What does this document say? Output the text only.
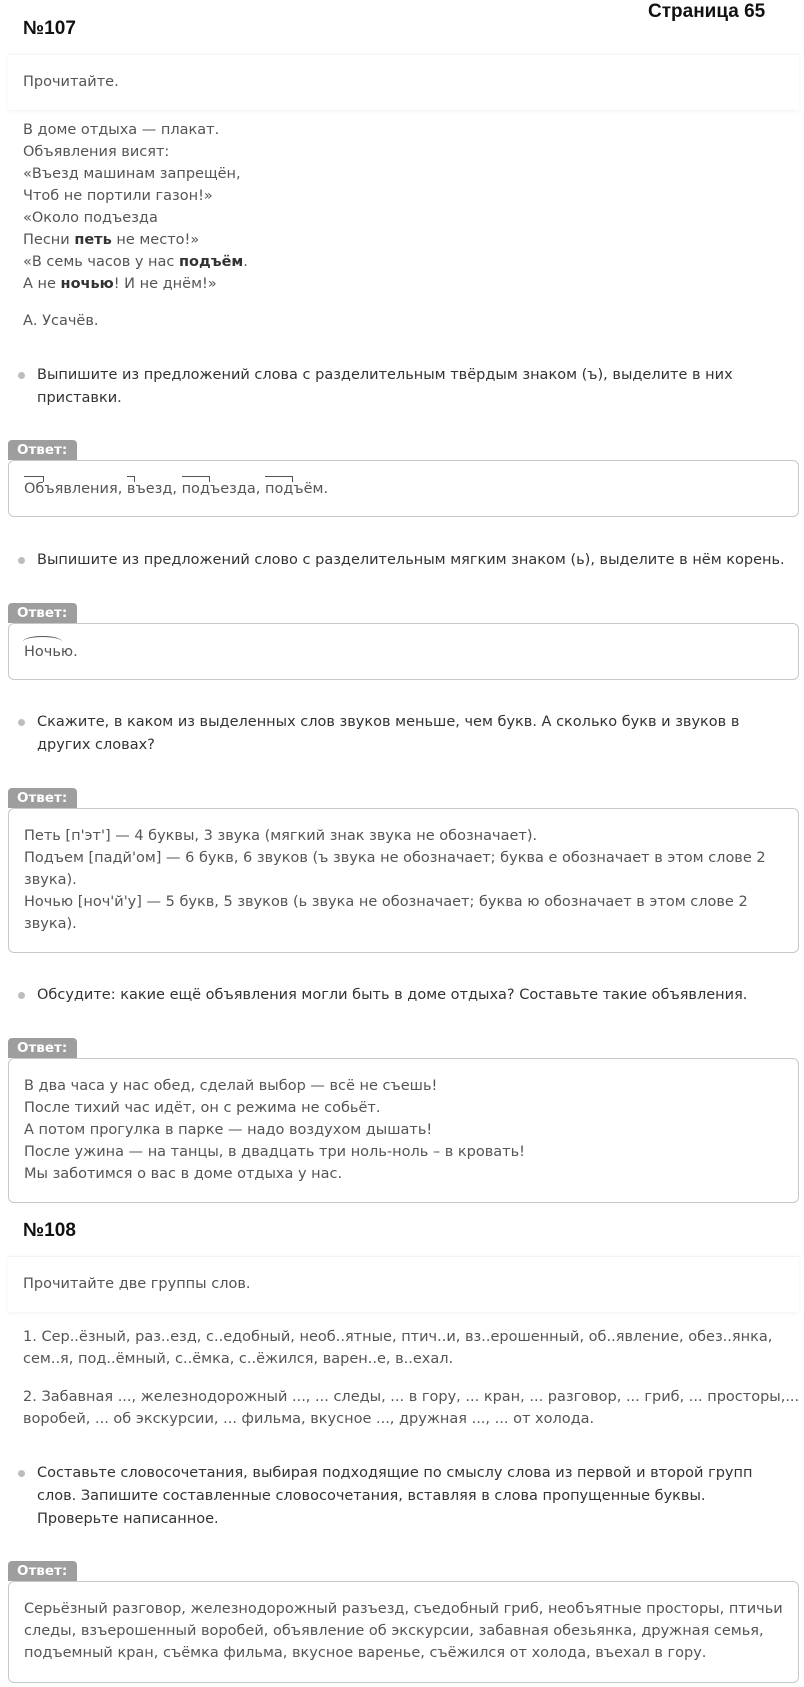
Страница 65
№107
Прочитайте.
В доме отдыха — плакат.
Объявления висят:
«Въезд машинам запрещён,
Чтоб не портили газон!»
«Около подъезда
Песни петь не место!»
«В семь часов у нас подъём.
А не ночью! И не днём!»
А. Усачёв.
Выпишите из предложений слова с разделительным твёрдым знаком (ъ), выделите в них приставки.
Ответ:
Объявления, въезд, подъезда, подъём.
Выпишите из предложений слово с разделительным мягким знаком (ь), выделите в нём корень.
Ответ:
Ночью.
Скажите, в каком из выделенных слов звуков меньше, чем букв. А сколько букв и звуков в других словах?
Ответ:
Петь [п'эт'] — 4 буквы, 3 звука (мягкий знак звука не обозначает).
Подъем [падй'ом] — 6 букв, 6 звуков (ъ звука не обозначает; буква е обозначает в этом слове 2
звука).
Ночью [ноч'й'у] — 5 букв, 5 звуков (ь звука не обозначает; буква ю обозначает в этом слове 2
звука).
Обсудите: какие ещё объявления могли быть в доме отдыха? Составьте такие объявления.
Ответ:
В два часа у нас обед, сделай выбор — всё не съешь!
После тихий час идёт, он с режима не собьёт.
А потом прогулка в парке — надо воздухом дышать!
После ужина — на танцы, в двадцать три ноль-ноль – в кровать!
Мы заботимся о вас в доме отдыха у нас.
№108
Прочитайте две группы слов.
1. Сер..ёзный, раз..езд, с..едобный, необ..ятные, птич..и, вз..ерошенный, об..явление, обез..янка,
сем..я, под..ёмный, с..ёмка, с..ёжился, варен..е, в..ехал.
2. Забавная ..., железнодорожный ..., ... следы, ... в гору, ... кран, ... разговор, ... гриб, ... просторы,...
воробей, ... об экскурсии, ... фильма, вкусное ..., дружная ..., ... от холода.
Составьте словосочетания, выбирая подходящие по смыслу слова из первой и второй групп слов. Запишите составленные словосочетания, вставляя в слова пропущенные буквы. Проверьте написанное.
Ответ:
Серьёзный разговор, железнодорожный разъезд, съедобный гриб, необъятные просторы, птичьи
следы, взъерошенный воробей, объявление об экскурсии, забавная обезьянка, дружная семья,
подъемный кран, съёмка фильма, вкусное варенье, съёжился от холода, въехал в гору.
